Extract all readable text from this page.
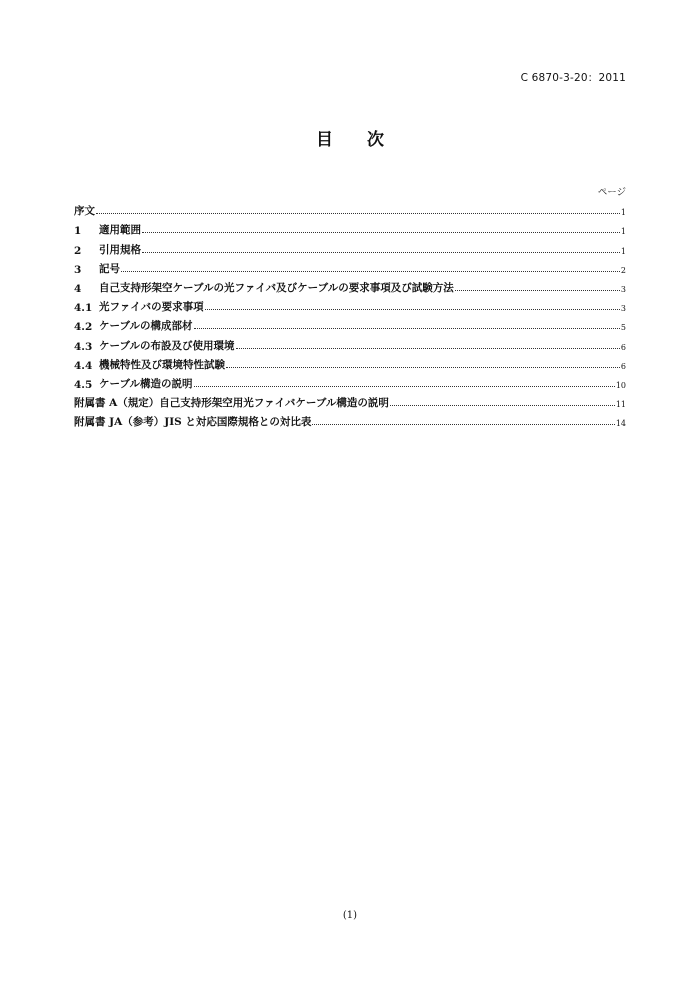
C 6870-3-20：2011
目 次
ページ
序文	1
1	適用範囲	1
2	引用規格	1
3	記号	2
4	自己支持形架空ケーブルの光ファイバ及びケーブルの要求事項及び試験方法	3
4.1 光ファイバの要求事項	3
4.2 ケーブルの構成部材	5
4.3 ケーブルの布設及び使用環境	6
4.4 機械特性及び環境特性試験	6
4.5 ケーブル構造の説明	10
附属書 A（規定）自己支持形架空用光ファイバケーブル構造の説明	11
附属書 JA（参考）JIS と対応国際規格との対比表	14
(1)
